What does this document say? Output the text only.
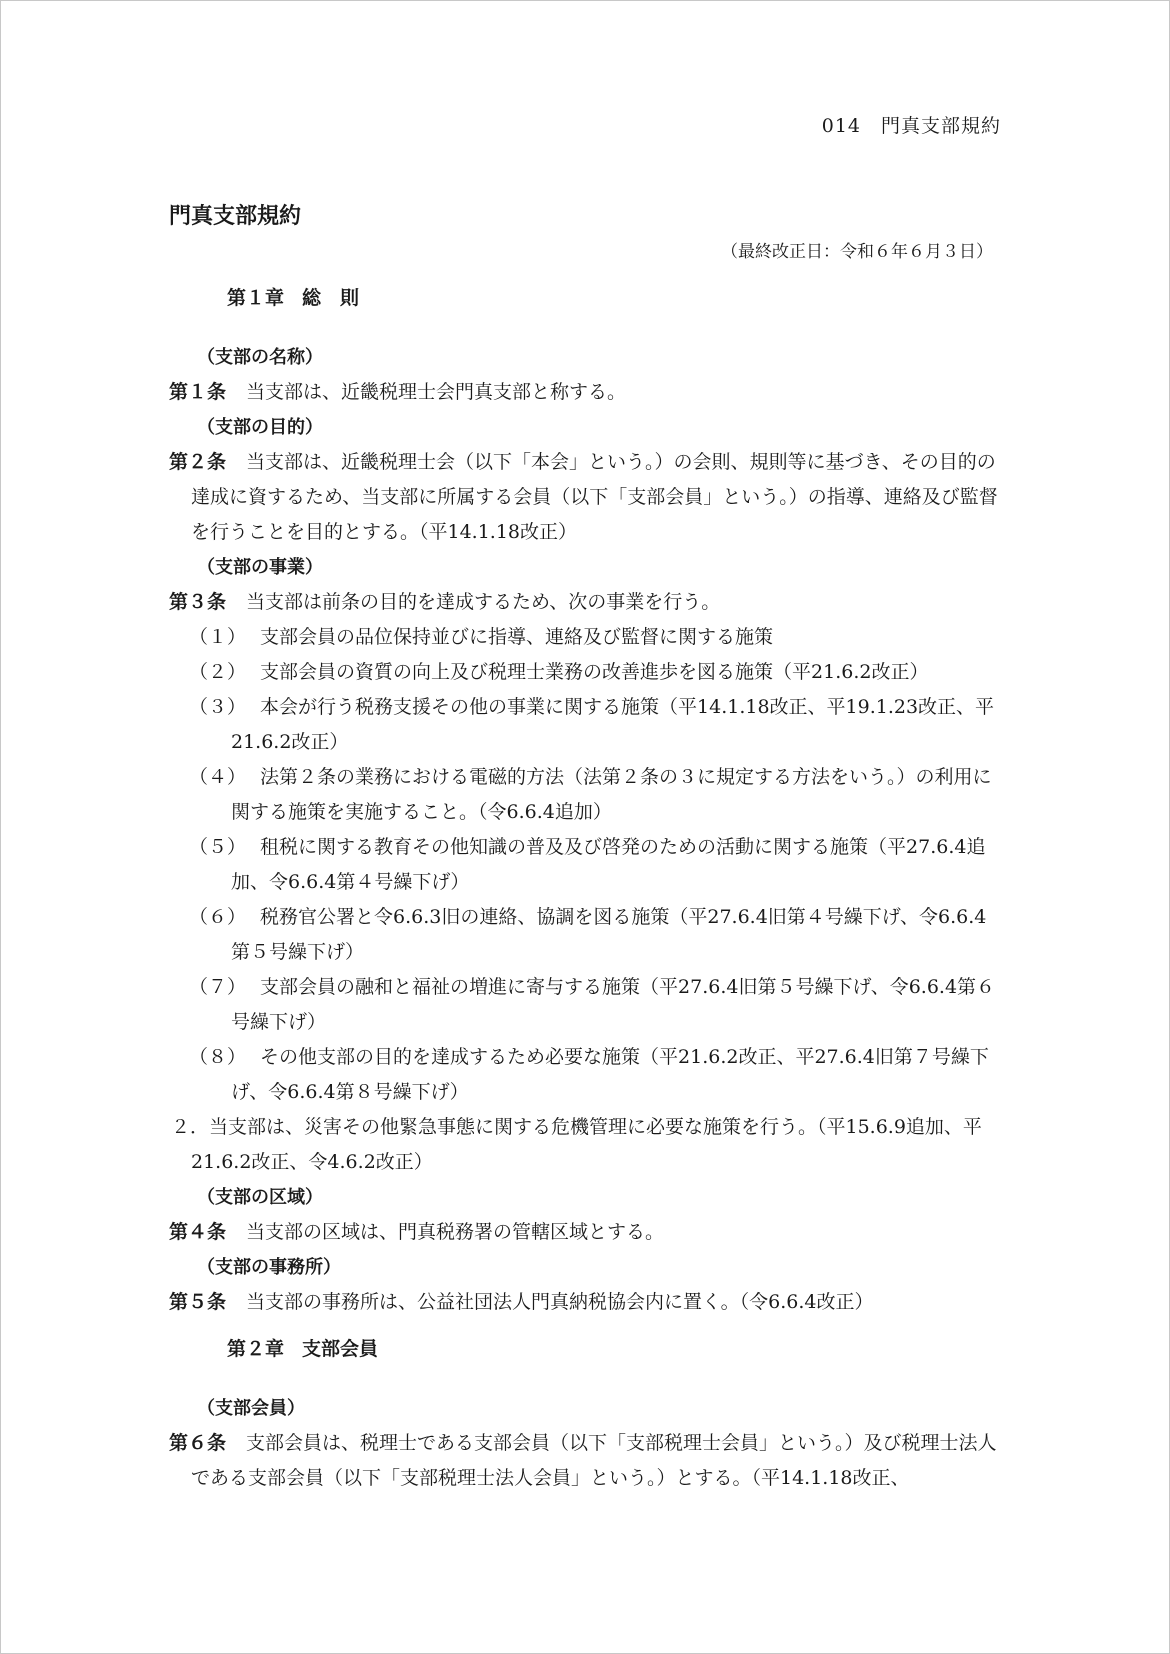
014　門真支部規約
門真支部規約
（最終改正日：令和６年６月３日）
第１章 総　則
（支部の名称）
第１条 当支部は、近畿税理士会門真支部と称する。
（支部の目的）
第２条 当支部は、近畿税理士会（以下「本会」という。）の会則、規則等に基づき、その目的の達成に資するため、当支部に所属する会員（以下「支部会員」という。）の指導、連絡及び監督を行うことを目的とする。（平14.1.18改正）
（支部の事業）
第３条 当支部は前条の目的を達成するため、次の事業を行う。
（１） 支部会員の品位保持並びに指導、連絡及び監督に関する施策
（２） 支部会員の資質の向上及び税理士業務の改善進歩を図る施策（平21.6.2改正）
（３） 本会が行う税務支援その他の事業に関する施策（平14.1.18改正、平19.1.23改正、平21.6.2改正）
（４） 法第２条の業務における電磁的方法（法第２条の３に規定する方法をいう。）の利用に関する施策を実施すること。（令6.6.4追加）
（５） 租税に関する教育その他知識の普及及び啓発のための活動に関する施策（平27.6.4追加、令6.6.4第４号繰下げ）
（６） 税務官公署と令6.6.3旧の連絡、協調を図る施策（平27.6.4旧第４号繰下げ、令6.6.4第５号繰下げ）
（７） 支部会員の融和と福祉の増進に寄与する施策（平27.6.4旧第５号繰下げ、令6.6.4第６号繰下げ）
（８） その他支部の目的を達成するため必要な施策（平21.6.2改正、平27.6.4旧第７号繰下げ、令6.6.4第８号繰下げ）
２．当支部は、災害その他緊急事態に関する危機管理に必要な施策を行う。（平15.6.9追加、平21.6.2改正、令4.6.2改正）
（支部の区域）
第４条 当支部の区域は、門真税務署の管轄区域とする。
（支部の事務所）
第５条 当支部の事務所は、公益社団法人門真納税協会内に置く。（令6.6.4改正）
第２章 支部会員
（支部会員）
第６条 支部会員は、税理士である支部会員（以下「支部税理士会員」という。）及び税理士法人である支部会員（以下「支部税理士法人会員」という。）とする。（平14.1.18改正、
